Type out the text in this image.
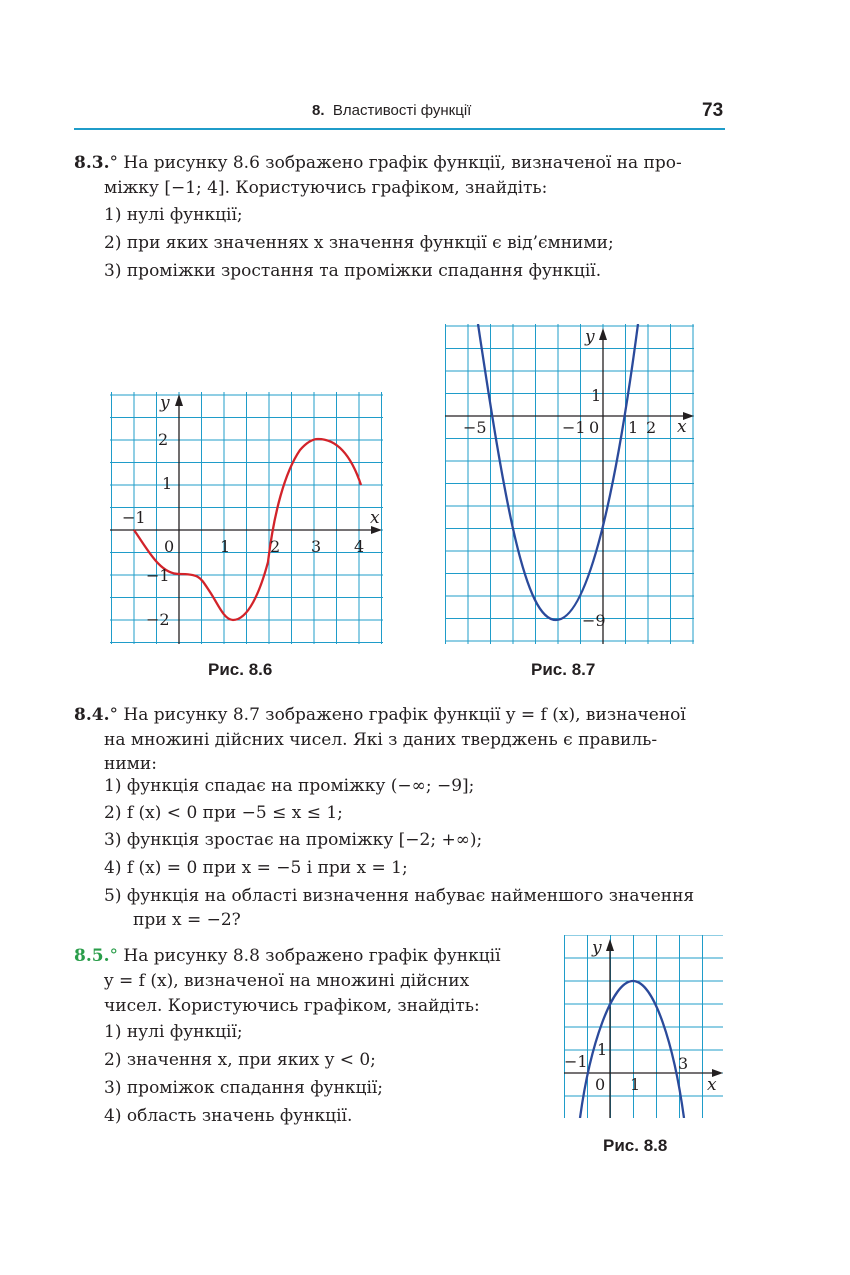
8. Властивості функції	73
8.3.° На рисунку 8.6 зображено графік функції, визначеної на про-
міжку [−1; 4]. Користуючись графіком, знайдіть:
1) нулі функції;
2) при яких значеннях x значення функції є від’ємними;
3) проміжки зростання та проміжки спадання функції.
x
y
−1
0	1 2 3 4
2
1
−1
−2
Рис. 8.6
x
y
−5	−1 0 1 2
1
−9
Рис. 8.7
8.4.° На рисунку 8.7 зображено графік функції y = f (x), визначеної
на множині дійсних чисел. Які з даних тверджень є правиль-
ними:
1) функція спадає на проміжку (−∞; −9];
2) f (x) < 0 при −5 ≤ x ≤ 1;
3) функція зростає на проміжку [−2; +∞);
4) f (x) = 0 при x = −5 і при x = 1;
5) функція на області визначення набуває найменшого значення
при x = −2?
8.5.° На рисунку 8.8 зображено графік функції
y = f (x), визначеної на множині дійсних
чисел. Користуючись графіком, знайдіть:
1) нулі функції;
2) значення x, при яких y < 0;
3) проміжок спадання функції;
4) область значень функції.
x
y
−1
0 1
3
1
Рис. 8.8
